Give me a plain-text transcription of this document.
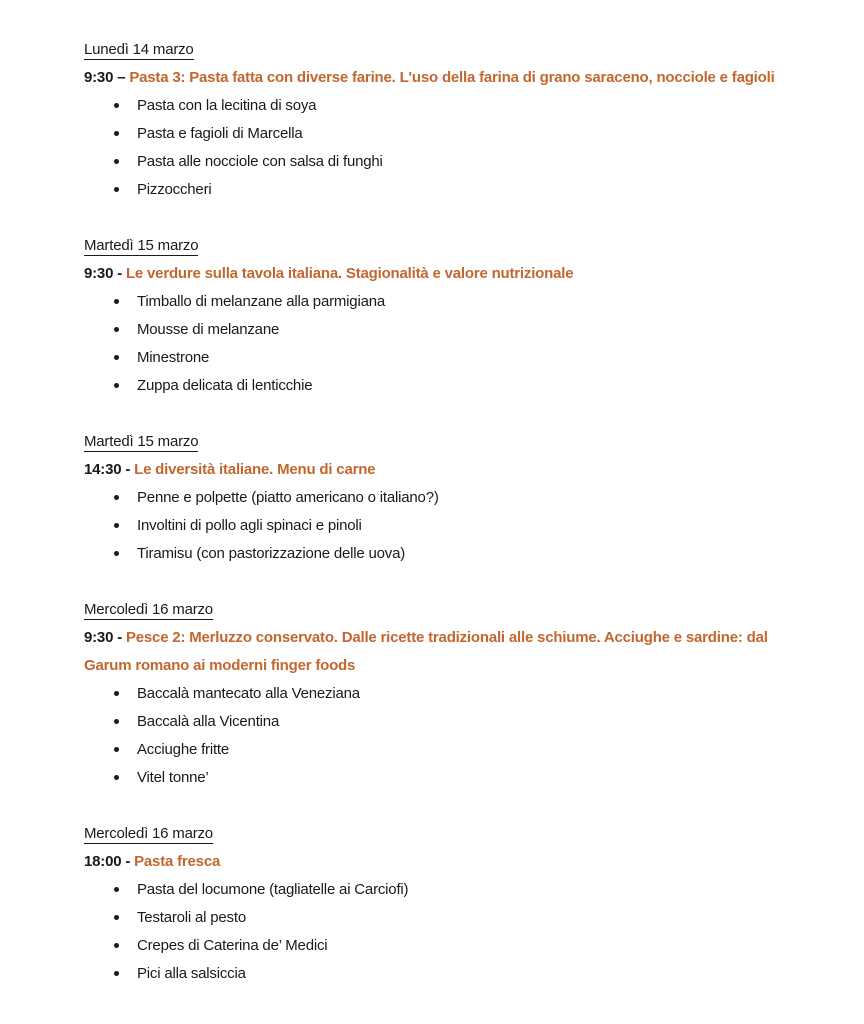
Lunedì 14 marzo

9:30 – Pasta 3: Pasta fatta con diverse farine. L'uso della farina di grano saraceno, nocciole e fagioli

Pasta con la lecitina di soya
Pasta e fagioli di Marcella
Pasta alle nocciole con salsa di funghi
Pizzoccheri
Martedì 15 marzo

9:30 - Le verdure sulla tavola italiana. Stagionalità e valore nutrizionale

Timballo di melanzane alla parmigiana
Mousse di melanzane
Minestrone
Zuppa delicata di lenticchie
Martedì 15 marzo

14:30 - Le diversità italiane. Menu di carne

Penne e polpette (piatto americano o italiano?)
Involtini di pollo agli spinaci e pinoli
Tiramisu (con pastorizzazione delle uova)
Mercoledì 16 marzo

9:30 - Pesce 2: Merluzzo conservato. Dalle ricette tradizionali alle schiume. Acciughe e sardine: dal Garum romano ai moderni finger foods

Baccalà mantecato alla Veneziana
Baccalà alla Vicentina
Acciughe fritte
Vitel tonne’
Mercoledì 16 marzo

18:00 - Pasta fresca

Pasta del locumone (tagliatelle ai Carciofi)
Testaroli al pesto
Crepes di Caterina de’ Medici
Pici alla salsiccia
